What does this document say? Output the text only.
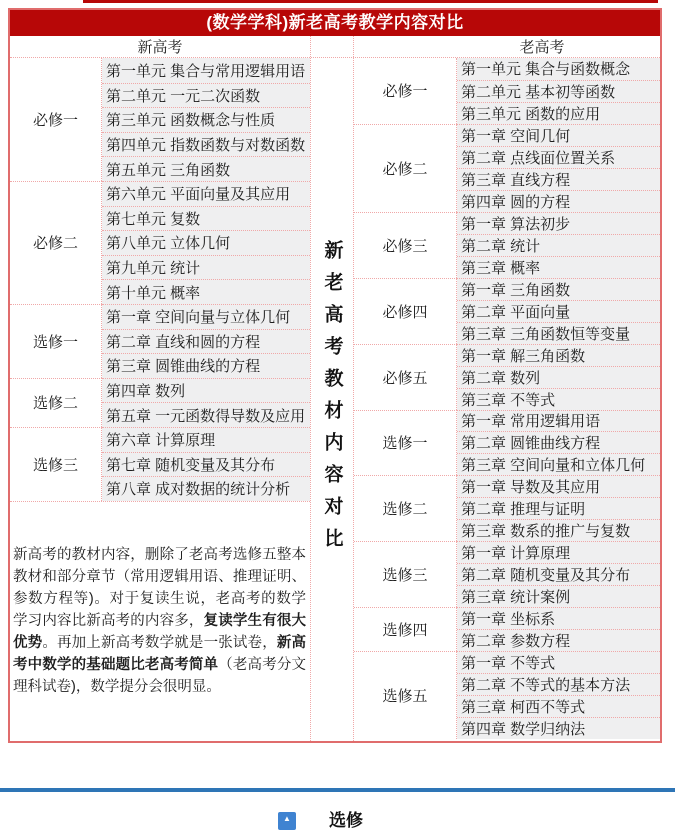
(数学学科)新老高考教学内容对比
新高考	老高考
必修一
第一单元 集合与常用逻辑用语
第二单元 一元二次函数
第三单元 函数概念与性质
第四单元 指数函数与对数函数
第五单元 三角函数
必修二
第六单元 平面向量及其应用
第七单元 复数
第八单元 立体几何
第九单元 统计
第十单元 概率
选修一
第一章 空间向量与立体几何
第二章 直线和圆的方程
第三章 圆锥曲线的方程
选修二
第四章 数列
第五章 一元函数得导数及应用
选修三
第六章 计算原理
第七章 随机变量及其分布
第八章 成对数据的统计分析

新高考的教材内容，删除了老高考选修五整本教材和部分章节（常用逻辑用语、推理证明、参数方程等)。对于复读生说，老高考的数学学习内容比新高考的内容多，复读学生有很大优势。再加上新高考数学就是一张试卷，新高考中数学的基础题比老高考简单（老高考分文理科试卷)，数学提分会很明显。

新老高考教材内容对比
必修一
第一单元 集合与函数概念
第二单元 基本初等函数
第三单元 函数的应用
必修二
第一章 空间几何
第二章 点线面位置关系
第三章 直线方程
第四章 圆的方程
必修三
第一章 算法初步
第二章 统计
第三章 概率
必修四
第一章 三角函数
第二章 平面向量
第三章 三角函数恒等变量
必修五
第一章 解三角函数
第二章 数列
第三章 不等式
选修一
第一章 常用逻辑用语
第二章 圆锥曲线方程
第三章 空间向量和立体几何
选修二
第一章 导数及其应用
第二章 推理与证明
第三章 数系的推广与复数
选修三
第一章 计算原理
第二章 随机变量及其分布
第三章 统计案例
选修四
第一章 坐标系
第二章 参数方程
选修五
第一章 不等式
第二章 不等式的基本方法
第三章 柯西不等式
第四章 数学归纳法
▲ 选修
